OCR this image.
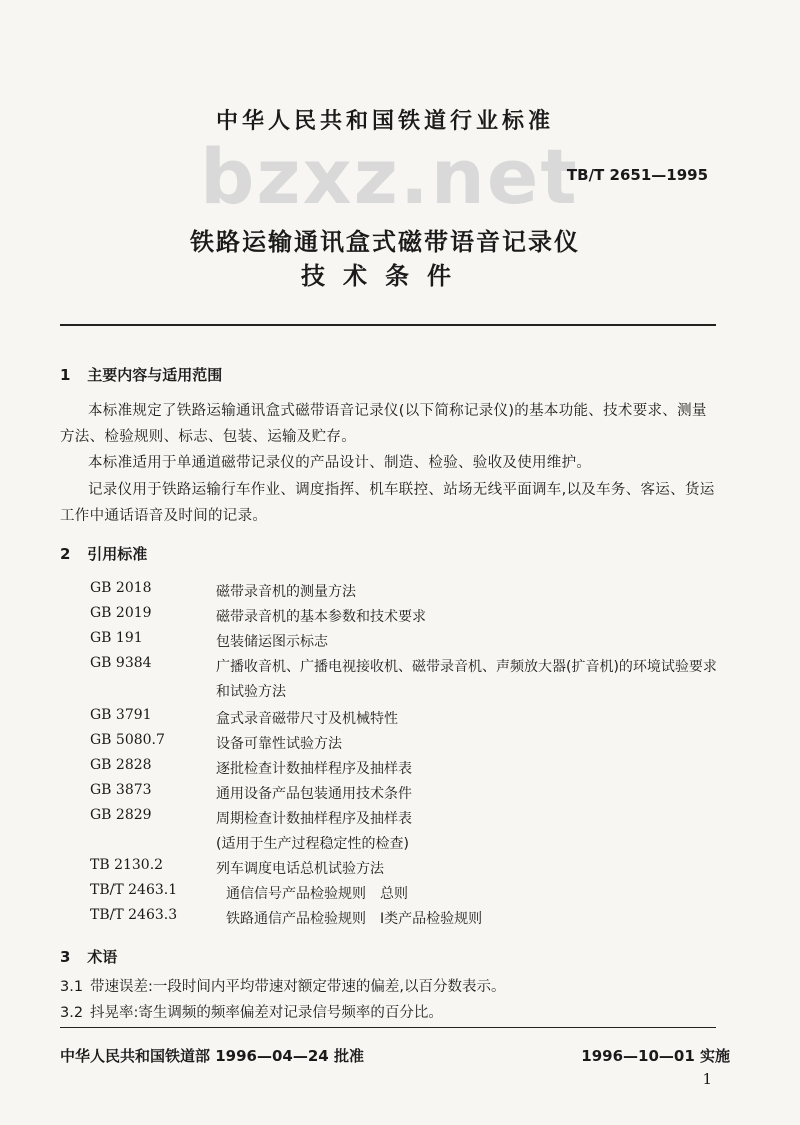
中华人民共和国铁道行业标准
bzxz.net
TB/T 2651—1995
铁路运输通讯盒式磁带语音记录仪
技术条件
1 主要内容与适用范围
本标准规定了铁路运输通讯盒式磁带语音记录仪(以下简称记录仪)的基本功能、技术要求、测量方法、检验规则、标志、包装、运输及贮存。
本标准适用于单通道磁带记录仪的产品设计、制造、检验、验收及使用维护。
记录仪用于铁路运输行车作业、调度指挥、机车联控、站场无线平面调车,以及车务、客运、货运工作中通话语音及时间的记录。
2 引用标准
GB 2018	磁带录音机的测量方法
GB 2019	磁带录音机的基本参数和技术要求
GB 191	包装储运图示标志
GB 9384	广播收音机、广播电视接收机、磁带录音机、声频放大器(扩音机)的环境试验要求和试验方法
GB 3791	盒式录音磁带尺寸及机械特性
GB 5080.7	设备可靠性试验方法
GB 2828	逐批检查计数抽样程序及抽样表
GB 3873	通用设备产品包装通用技术条件
GB 2829	周期检查计数抽样程序及抽样表
(适用于生产过程稳定性的检查)
TB 2130.2	列车调度电话总机试验方法
TB/T 2463.1	通信信号产品检验规则　总则
TB/T 2463.3	铁路通信产品检验规则　Ⅰ类产品检验规则
3 术语
3.1 带速误差:一段时间内平均带速对额定带速的偏差,以百分数表示。
3.2 抖晃率:寄生调频的频率偏差对记录信号频率的百分比。
中华人民共和国铁道部 1996—04—24 批准	1996—10—01 实施
1
